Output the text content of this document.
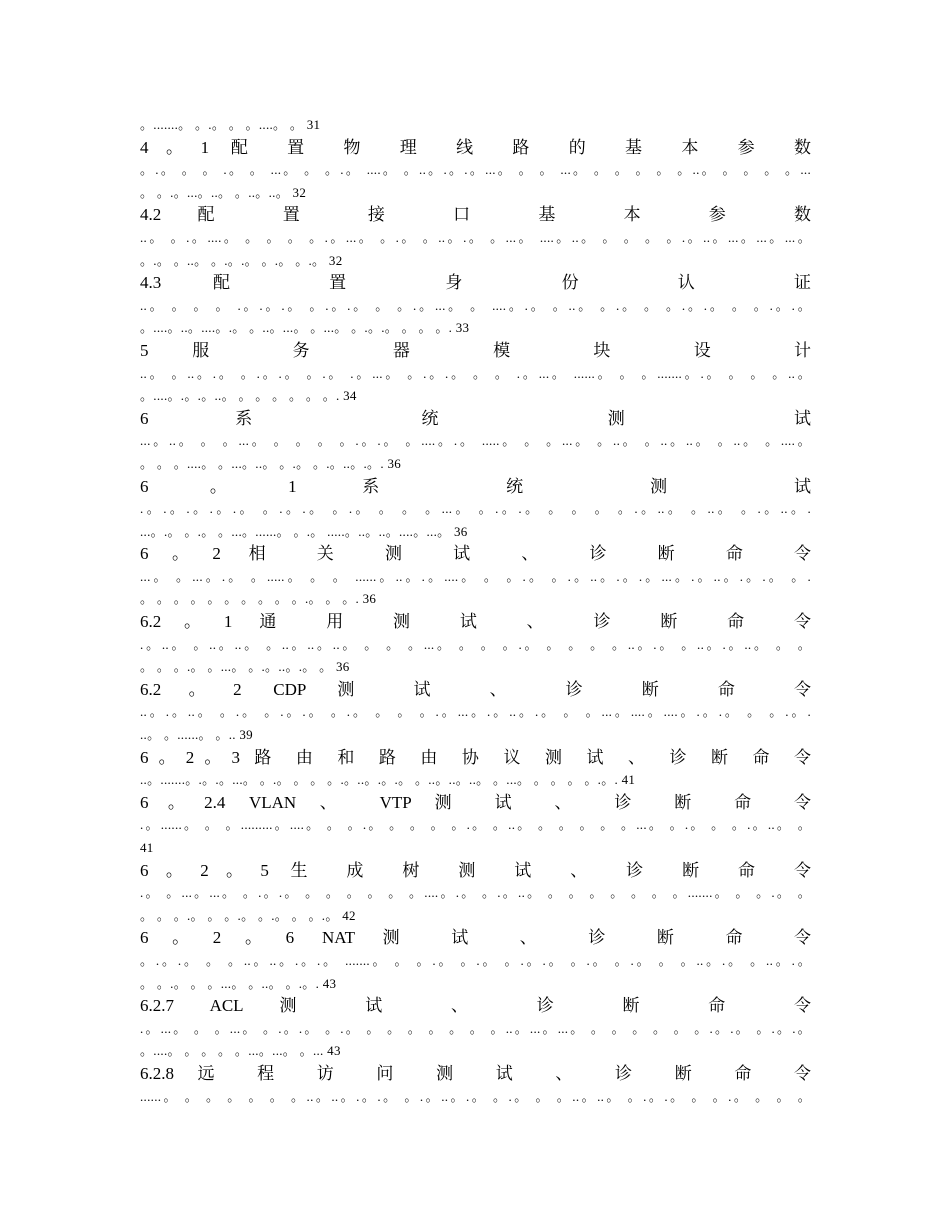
。.......。 。.。 。 。....。 。 31
4。1 配 置 物 理 线 路 的 基 本 参 数
。.。 。 。 .。 。 ...。 。 。.。 ....。 。..。.。.。...。 。 。 ...。 。 。 。 。 。..。 。 。 。 。...
。 。.。...。..。 。..。..。 32
4.2 配 置 接 口 基 本 参 数
..。 。.。....。 。 。 。 。.。...。 。.。 。..。.。 。...。 ....。..。 。 。 。 。.。..。...。...。...。
。.。 。..。 。.。.。 。.。 。.。 32
4.3 配 置 身 份 认 证
..。 。 。 。 .。.。.。 。.。.。 。 。.。...。 。 ....。.。 。..。 。.。 。 。.。.。 。 。.。.。
。....。..。....。.。 。..。...。 。...。 。.。.。 。 。 。. 33
5 服 务 器 模 块 设 计
..。 。..。.。 。.。.。 。.。 .。...。 。.。.。 。 。 .。...。 ......。 。 。.......。.。 。 。 。..。
。....。.。.。..。 。 。 。 。 。 。. 34
6 系 统 测 试
...。..。 。 。...。 。 。 。 。.。.。 。....。.。 .....。 。 。...。 。..。 。..。..。 。..。 。....。
。 。 。....。 。...。..。 。.。 。.。..。.。. 36
6。1 系 统 测 试
.。.。.。.。.。 。.。.。 。.。 。 。 。...。 。.。.。 。 。 。 。.。..。 。..。 。.。..。.
...。.。 。.。 。...。......。 。.。 .....。..。..。....。...。 36
6。2 相 关 测 试 、 诊 断 命 令
...。 。...。.。 。.....。 。 。 ......。..。.。....。 。 。.。 。.。..。.。.。...。.。..。.。.。 。.
。 。 。 。 。 。 。 。 。 。.。 。 。. 36
6.2。1 通 用 测 试 、 诊 断 命 令
.。..。 。..。..。 。..。..。..。 。 。 。...。 。 。 。.。 。 。 。 。..。.。 。..。.。..。 。 。
。 。 。.。 。...。 。.。..。.。 。 36
6.2。2 CDP 测 试 、 诊 断 命 令
..。.。..。 。.。 。.。.。 。.。 。 。 。.。...。.。..。.。 。 。...。....。....。.。.。 。 。.。.
..。 。......。 。.. 39
6。2。3 路 由 和 路 由 协 议 测 试 、 诊 断 命 令
..。.......。.。.。...。 。.。 。 。 。.。..。.。.。 。..。..。..。 。...。 。 。 。 。.。. 41
6。2.4 VLAN 、 VTP 测 试 、 诊 断 命 令
.。......。 。 。.........。....。 。 。.。 。 。 。 。.。 。..。 。 。 。 。 。...。 。.。 。 。.。..。 。
41
6。2。5 生 成 树 测 试 、 诊 断 命 令
.。 。...。...。 。.。.。 。 。 。 。 。 。....。.。 。.。..。 。 。 。 。 。 。 。.......。 。 。.。 。
。 。 。.。 。 。.。 。.。 。 。.。 42
6。2。6 NAT 测 试 、 诊 断 命 令
。.。.。 。 。..。..。.。.。 .......。 。 。.。 。.。 。.。.。 。.。 。.。 。 。..。.。 。..。.。
。 。.。 。 。...。 。..。 。.。. 43
6.2.7 ACL 测 试 、 诊 断 命 令
.。...。 。 。...。 。.。.。 。.。 。 。 。 。 。 。 。..。...。...。 。 。 。 。 。 。.。.。 。.。.。
。....。 。 。 。 。...。...。 。... 43
6.2.8 远 程 访 问 测 试 、 诊 断 命 令
......。 。 。 。 。 。 。..。..。.。.。 。.。..。.。 。.。 。 。..。..。 。.。.。 。 。.。 。 。 。
